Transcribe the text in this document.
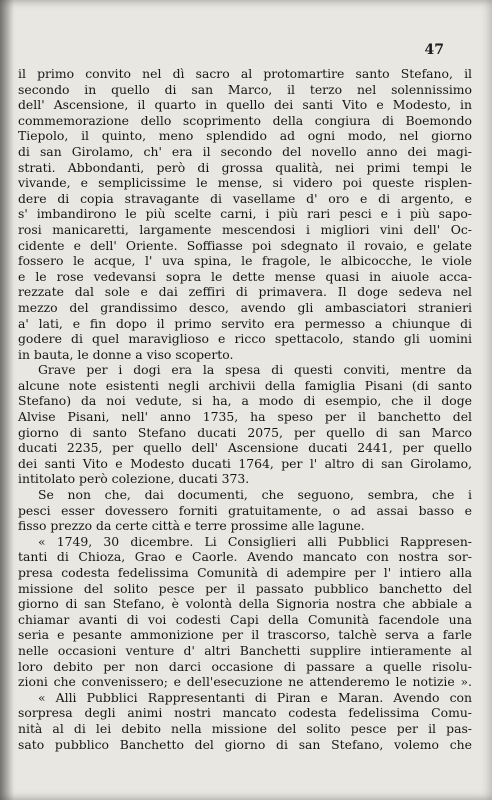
47
il primo convito nel dì sacro al protomartire santo Stefano, il
secondo in quello di san Marco, il terzo nel solennissimo
dell' Ascensione, il quarto in quello dei santi Vito e Modesto, in
commemorazione dello scoprimento della congiura di Boemondo
Tiepolo, il quinto, meno splendido ad ogni modo, nel giorno
di san Girolamo, ch' era il secondo del novello anno dei magi-
strati. Abbondanti, però di grossa qualità, nei primi tempi le
vivande, e semplicissime le mense, si videro poi queste risplen-
dere di copia stravagante di vasellame d' oro e di argento, e
s' imbandirono le più scelte carni, i più rari pesci e i più sapo-
rosi manicaretti, largamente mescendosi i migliori vini dell' Oc-
cidente e dell' Oriente. Soffiasse poi sdegnato il rovaio, e gelate
fossero le acque, l' uva spina, le fragole, le albicocche, le viole
e le rose vedevansi sopra le dette mense quasi in aiuole acca-
rezzate dal sole e dai zeffiri di primavera. Il doge sedeva nel
mezzo del grandissimo desco, avendo gli ambasciatori stranieri
a' lati, e fin dopo il primo servito era permesso a chiunque di
godere di quel maraviglioso e ricco spettacolo, stando gli uomini
in bauta, le donne a viso scoperto.
Grave per i dogi era la spesa di questi conviti, mentre da
alcune note esistenti negli archivii della famiglia Pisani (di santo
Stefano) da noi vedute, si ha, a modo di esempio, che il doge
Alvise Pisani, nell' anno 1735, ha speso per il banchetto del
giorno di santo Stefano ducati 2075, per quello di san Marco
ducati 2235, per quello dell' Ascensione ducati 2441, per quello
dei santi Vito e Modesto ducati 1764, per l' altro di san Girolamo,
intitolato però colezione, ducati 373.
Se non che, dai documenti, che seguono, sembra, che i
pesci esser dovessero forniti gratuitamente, o ad assai basso e
fisso prezzo da certe città e terre prossime alle lagune.
« 1749, 30 dicembre. Li Consiglieri alli Pubblici Rappresen-
tanti di Chioza, Grao e Caorle. Avendo mancato con nostra sor-
presa codesta fedelissima Comunità di adempire per l' intiero alla
missione del solito pesce per il passato pubblico banchetto del
giorno di san Stefano, è volontà della Signoria nostra che abbiale a
chiamar avanti di voi codesti Capi della Comunità facendole una
seria e pesante ammonizione per il trascorso, talchè serva a farle
nelle occasioni venture d' altri Banchetti supplire intieramente al
loro debito per non darci occasione di passare a quelle risolu-
zioni che convenissero; e dell'esecuzione ne attenderemo le notizie ».
« Alli Pubblici Rappresentanti di Piran e Maran. Avendo con
sorpresa degli animi nostri mancato codesta fedelissima Comu-
nità al di lei debito nella missione del solito pesce per il pas-
sato pubblico Banchetto del giorno di san Stefano, volemo che
